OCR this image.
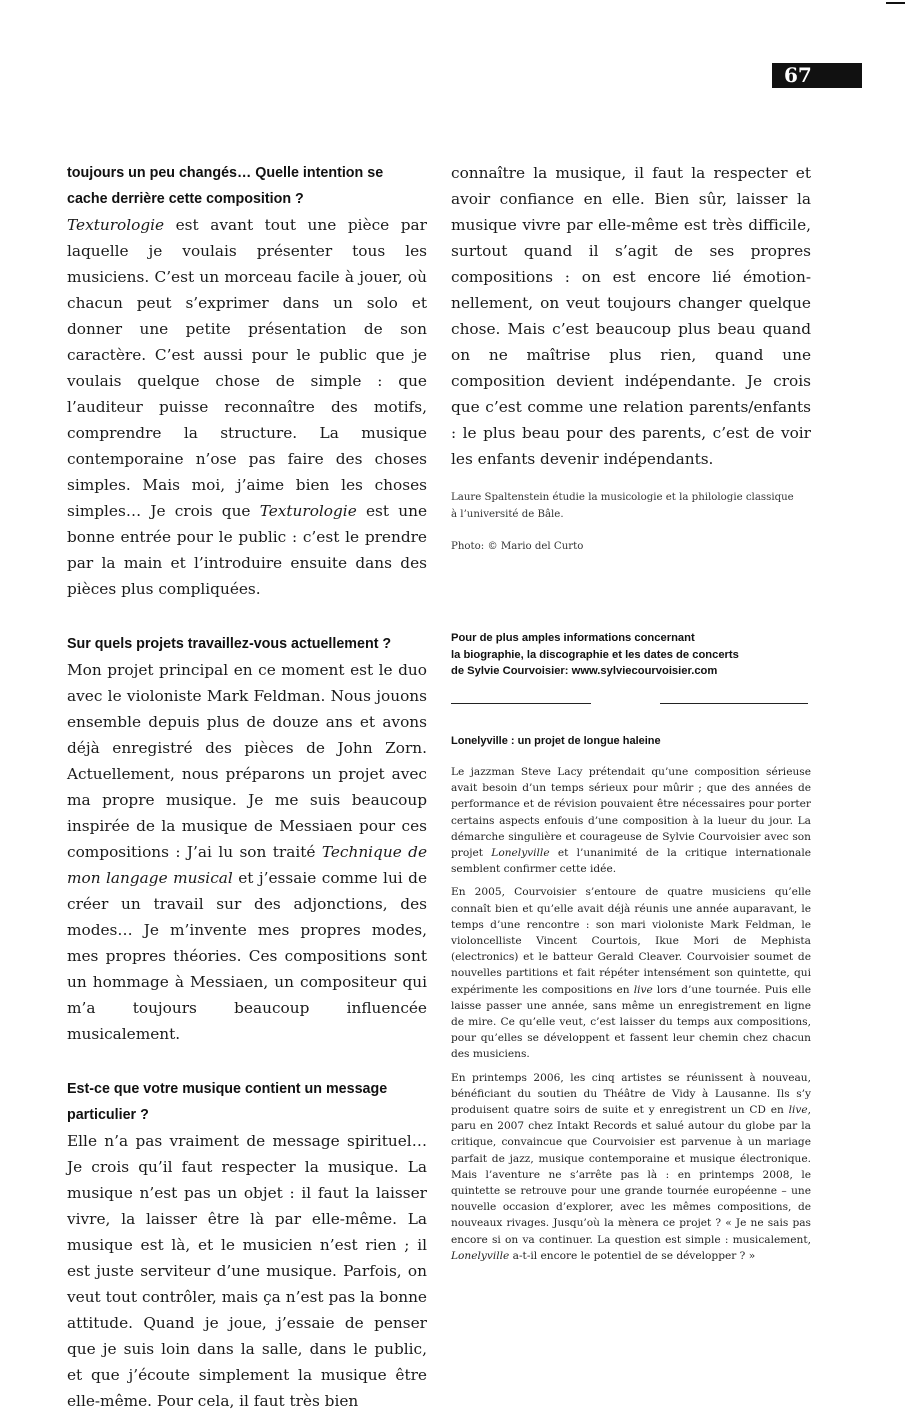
67
toujours un peu changés… Quelle intention se
cache derrière cette composition ?

Texturologie est avant tout une pièce par laquelle je voulais présenter tous les musiciens. C’est un morceau facile à jouer, où chacun peut s’exprimer dans un solo et donner une petite présentation de son caractère. C’est aussi pour le public que je voulais quelque chose de simple : que l’auditeur puisse reconnaître des motifs, comprendre la structure. La musique contemporaine n’ose pas faire des choses simples. Mais moi, j’aime bien les choses simples… Je crois que Texturologie est une bonne entrée pour le public : c’est le prendre par la main et l’introduire ensuite dans des pièces plus compliquées.

Sur quels projets travaillez-vous actuellement ?

Mon projet principal en ce moment est le duo avec le violoniste Mark Feldman. Nous jouons ensemble depuis plus de douze ans et avons déjà enregistré des pièces de John Zorn. Actuellement, nous préparons un projet avec ma propre musique. Je me suis beaucoup inspirée de la musique de Messiaen pour ces compositions : J’ai lu son traité Technique de mon langage musical et j’essaie comme lui de créer un travail sur des adjonctions, des modes… Je m’invente mes propres modes, mes propres théories. Ces compositions sont un hommage à Messiaen, un compositeur qui m’a toujours beaucoup influencée musicalement.

Est-ce que votre musique contient un message
particulier ?

Elle n’a pas vraiment de message spirituel… Je crois qu’il faut respecter la musique. La musique n’est pas un objet : il faut la laisser vivre, la laisser être là par elle-même. La musique est là, et le musicien n’est rien ; il est juste serviteur d’une musique. Parfois, on veut tout contrôler, mais ça n’est pas la bonne attitude. Quand je joue, j’essaie de penser que je suis loin dans la salle, dans le public, et que j’écoute simplement la musique être elle-même. Pour cela, il faut très bien

connaître la musique, il faut la respecter et avoir confiance en elle. Bien sûr, laisser la musique vivre par elle-même est très difficile, surtout quand il s’agit de ses propres compositions : on est encore lié émotion-nellement, on veut toujours changer quelque chose. Mais c’est beaucoup plus beau quand on ne maîtrise plus rien, quand une composition devient indépendante. Je crois que c’est comme une relation parents/enfants : le plus beau pour des parents, c’est de voir les enfants devenir indépendants.

Laure Spaltenstein étudie la musicologie et la philologie classique à l’université de Bâle.
Photo: © Mario del Curto
Pour de plus amples informations concernant
la biographie, la discographie et les dates de concerts
de Sylvie Courvoisier: www.sylviecourvoisier.com
Lonelyville : un projet de longue haleine

Le jazzman Steve Lacy prétendait qu’une composition sérieuse avait besoin d’un temps sérieux pour mûrir ; que des années de performance et de révision pouvaient être nécessaires pour porter certains aspects enfouis d’une composition à la lueur du jour. La démarche singulière et courageuse de Sylvie Courvoisier avec son projet Lonelyville et l’unanimité de la critique internationale semblent confirmer cette idée.

En 2005, Courvoisier s’entoure de quatre musiciens qu’elle connaît bien et qu’elle avait déjà réunis une année auparavant, le temps d’une rencontre : son mari violoniste Mark Feldman, le violoncelliste Vincent Courtois, Ikue Mori de Mephista (electronics) et le batteur Gerald Cleaver. Courvoisier soumet de nouvelles partitions et fait répéter intensément son quintette, qui expérimente les compositions en live lors d’une tournée. Puis elle laisse passer une année, sans même un enregistrement en ligne de mire. Ce qu’elle veut, c’est laisser du temps aux compositions, pour qu’elles se développent et fassent leur chemin chez chacun des musiciens.

En printemps 2006, les cinq artistes se réunissent à nouveau, bénéficiant du soutien du Théâtre de Vidy à Lausanne. Ils s’y produisent quatre soirs de suite et y enregistrent un CD en live, paru en 2007 chez Intakt Records et salué autour du globe par la critique, convaincue que Courvoisier est parvenue à un mariage parfait de jazz, musique contemporaine et musique électronique. Mais l’aventure ne s’arrête pas là : en printemps 2008, le quintette se retrouve pour une grande tournée européenne – une nouvelle occasion d’explorer, avec les mêmes compositions, de nouveaux rivages. Jusqu’où la mènera ce projet ? « Je ne sais pas encore si on va continuer. La question est simple : musicalement, Lonelyville a-t-il encore le potentiel de se développer ? »
